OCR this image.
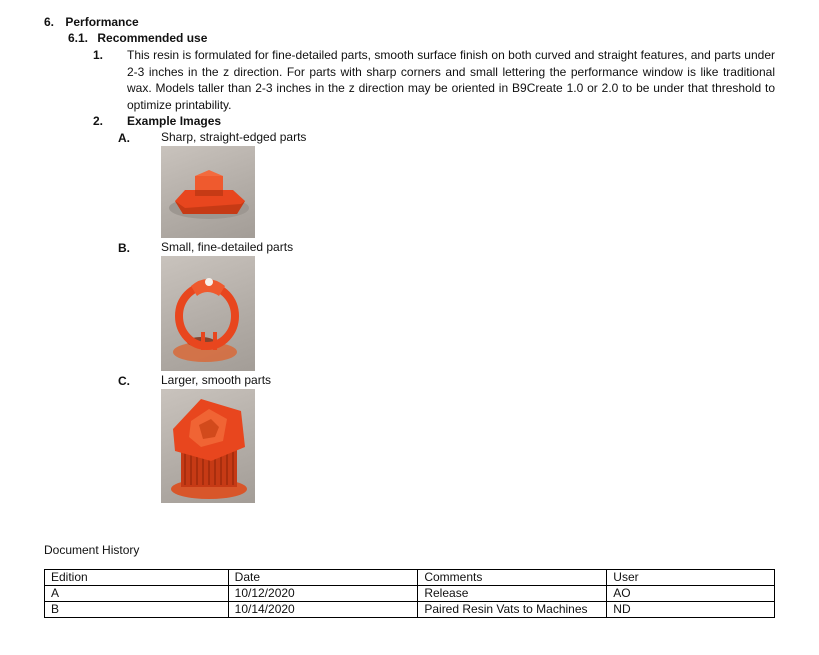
6. Performance
6.1. Recommended use
1. This resin is formulated for fine-detailed parts, smooth surface finish on both curved and straight features, and parts under 2-3 inches in the z direction. For parts with sharp corners and small lettering the performance window is like traditional wax. Models taller than 2-3 inches in the z direction may be oriented in B9Create 1.0 or 2.0 to be under that threshold to optimize printability.
2. Example Images
A.	Sharp, straight-edged parts
B.	Small, fine-detailed parts
C.	Larger, smooth parts
Document History
Edition	Date	Comments	User
A	10/12/2020	Release	AO
B	10/14/2020	Paired Resin Vats to Machines	ND
